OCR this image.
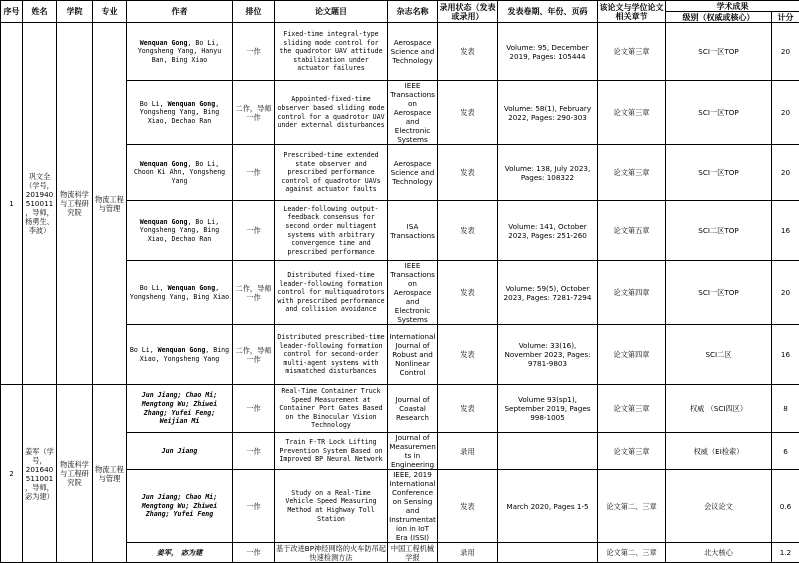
序号	姓名	学院	专业	作者	排位	论文题目	杂志名称	录用状态（发表或录用）	发表卷期、年份、页码	该论文与学位论文相关章节	学术成果	
											级别（权威或核心）	计分
1	巩文全（学号，201940510011，导师，杨勇生、李波）	物流科学与工程研究院	物流工程与管理	Wenquan Gong, Bo Li, Yongsheng Yang, Hanyu Ban, Bing Xiao	一作	Fixed-time integral-type sliding mode control for the quadrotor UAV attitude stabilization under actuator failures	Aerospace Science and Technology	发表	Volume: 95, December 2019, Pages: 105444	论文第三章	SCI一区TOP	20
				Bo Li, Wenquan Gong, Yongsheng Yang, Bing Xiao, Dechao Ran	二作，导师一作	Appointed-fixed-time observer based sliding mode control for a quadrotor UAV under external disturbances	IEEE Transactions on Aerospace and Electronic Systems	发表	Volume: 58(1), February 2022, Pages: 290-303	论文第三章	SCI一区TOP	20
				Wenquan Gong, Bo Li, Choon Ki Ahn, Yongsheng Yang	一作	Prescribed-time extended state observer and prescribed performance control of quadrotor UAVs against actuator faults	Aerospace Science and Technology	发表	Volume: 138, July 2023, Pages: 108322	论文第三章	SCI一区TOP	20
				Wenquan Gong, Bo Li, Yongsheng Yang, Bing Xiao, Dechao Ran	一作	Leader-following output-feedback consensus for second order multiagent systems with arbitrary convergence time and prescribed performance	ISA Transactions	发表	Volume: 141, October 2023, Pages: 251-260	论文第五章	SCI二区TOP	16
				Bo Li, Wenquan Gong, Yongsheng Yang, Bing Xiao	二作，导师一作	Distributed fixed-time leader-following formation control for multiquadrotors with prescribed performance and collision avoidance	IEEE Transactions on Aerospace and Electronic Systems	发表	Volume: 59(5), October 2023, Pages: 7281-7294	论文第四章	SCI一区TOP	20
				Bo Li, Wenquan Gong, Bing Xiao, Yongsheng Yang	二作，导师一作	Distributed prescribed-time leader-following formation control for second-order multi-agent systems with mismatched disturbances	International Journal of Robust and Nonlinear Control	发表	Volume: 33(16), November 2023, Pages: 9781-9803	论文第四章	SCI二区	16
2	姜军（学号，201640511001，导师，宓为建）	物流科学与工程研究院	物流工程与管理	Jun Jiang; Chao Mi; Mengtong Wu; Zhiwei Zhang; Yufei Feng; Weijian Mi	一作	Real-Time Container Truck Speed Measurement at Container Port Gates Based on the Binocular Vision Technology	Journal of Coastal Research	发表	Volume 93(sp1), September 2019, Pages 998-1005	论文第三章	权威 （SCI四区）	8
				Jun Jiang	一作	Train F-TR Lock Lifting Prevention System Based on Improved BP Neural Network	Journal of Measurements in Engineering	录用		论文第三章	权威（EI检索）	6
				Jun Jiang; Chao Mi; Mengtong Wu; Zhiwei Zhang; Yufei Feng	一作	Study on a Real-Time Vehicle Speed Measuring Method at Highway Toll Station	IEEE, 2019 International Conference on Sensing and Instrumentation in IoT Era (ISSI)	发表	March 2020, Pages 1-5	论文第二、三章	会议论文	0.6
				姜军， 宓为建	一作	基于改进BP神经网络的火车防吊起快速检测方法	中国工程机械学报	录用		论文第二、三章	北大核心	1.2
